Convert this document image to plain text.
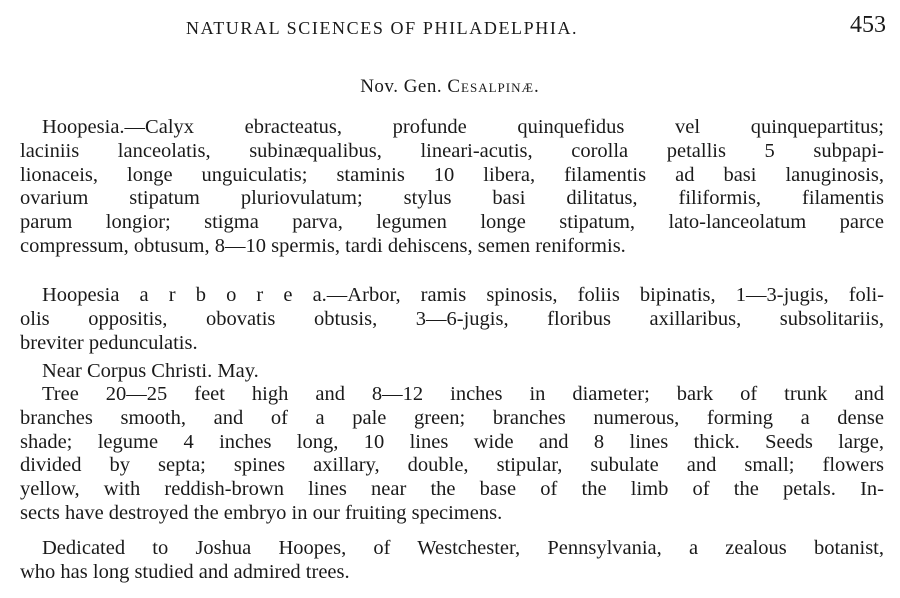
NATURAL SCIENCES OF PHILADELPHIA.	453
Nov. Gen. Cesalpinæ.
Hoopesia.—Calyx ebracteatus, profunde quinquefidus vel quinquepartitus;
laciniis lanceolatis, subinæqualibus, lineari-acutis, corolla petallis 5 subpapi-
lionaceis, longe unguiculatis; staminis 10 libera, filamentis ad basi lanuginosis,
ovarium stipatum pluriovulatum; stylus basi dilitatus, filiformis, filamentis
parum longior; stigma parva, legumen longe stipatum, lato-lanceolatum parce
compressum, obtusum, 8—10 spermis, tardi dehiscens, semen reniformis.
Hoopesia a r b o r e a.—Arbor, ramis spinosis, foliis bipinatis, 1—3-jugis, foli-
olis oppositis, obovatis obtusis, 3—6-jugis, floribus axillaribus, subsolitariis,
breviter pedunculatis.
Near Corpus Christi. May.
Tree 20—25 feet high and 8—12 inches in diameter; bark of trunk and
branches smooth, and of a pale green; branches numerous, forming a dense
shade; legume 4 inches long, 10 lines wide and 8 lines thick. Seeds large,
divided by septa; spines axillary, double, stipular, subulate and small; flowers
yellow, with reddish-brown lines near the base of the limb of the petals. In-
sects have destroyed the embryo in our fruiting specimens.
Dedicated to Joshua Hoopes, of Westchester, Pennsylvania, a zealous botanist,
who has long studied and admired trees.
